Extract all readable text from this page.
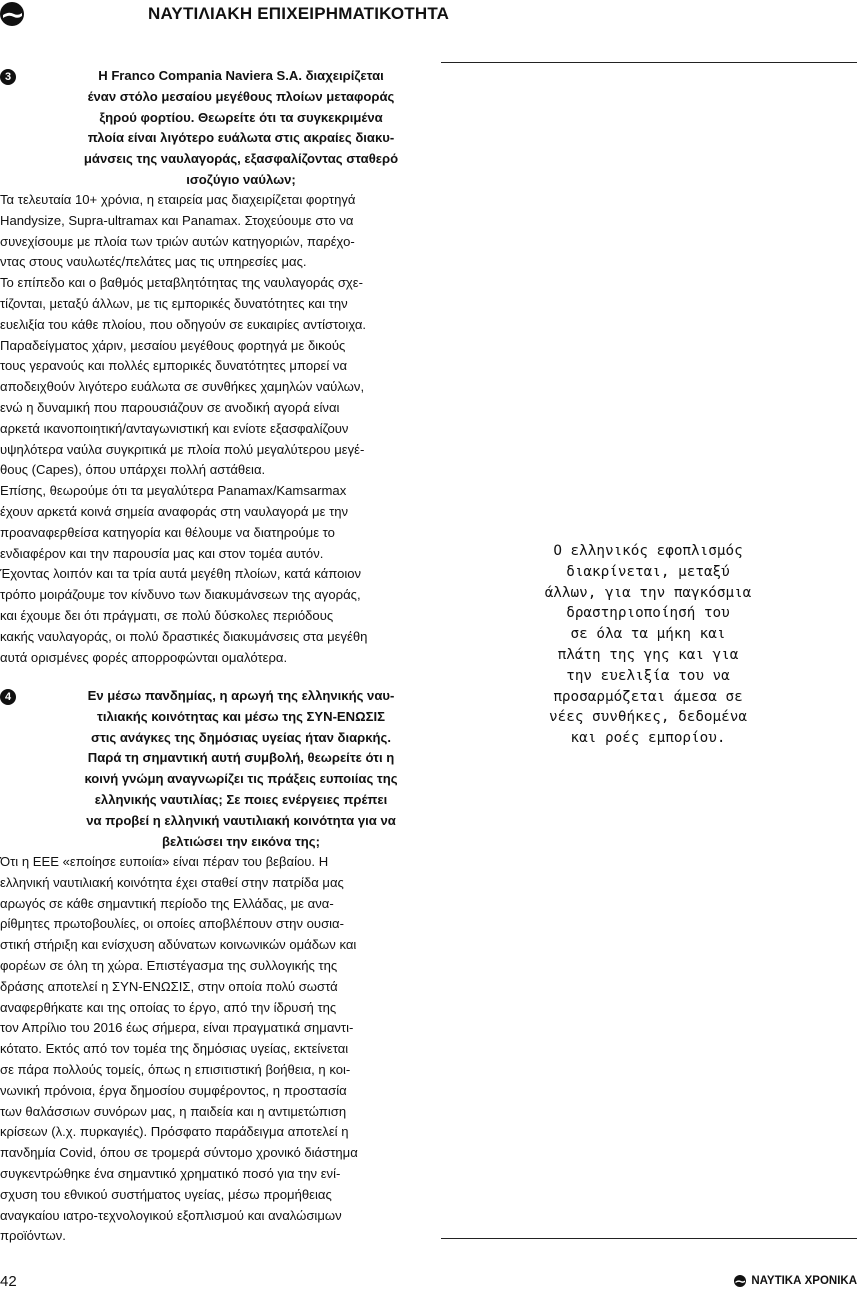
ΝΑΥΤΙΛΙΑΚΗ ΕΠΙΧΕΙΡΗΜΑΤΙΚΟΤΗΤΑ
3	Η Franco Compania Naviera S.A. διαχειρίζεται
έναν στόλο μεσαίου μεγέθους πλοίων μεταφοράς
ξηρού φορτίου. Θεωρείτε ότι τα συγκεκριμένα
πλοία είναι λιγότερο ευάλωτα στις ακραίες διακυ-
μάνσεις της ναυλαγοράς, εξασφαλίζοντας σταθερό
ισοζύγιο ναύλων;
Τα τελευταία 10+ χρόνια, η εταιρεία μας διαχειρίζεται φορτηγά
Handysize, Supra-ultramax και Panamax. Στοχεύουμε στο να
συνεχίσουμε με πλοία των τριών αυτών κατηγοριών, παρέχο-
ντας στους ναυλωτές/πελάτες μας τις υπηρεσίες μας.
Το επίπεδο και ο βαθμός μεταβλητότητας της ναυλαγοράς σχε-
τίζονται, μεταξύ άλλων, με τις εμπορικές δυνατότητες και την
ευελιξία του κάθε πλοίου, που οδηγούν σε ευκαιρίες αντίστοιχα.
Παραδείγματος χάριν, μεσαίου μεγέθους φορτηγά με δικούς
τους γερανούς και πολλές εμπορικές δυνατότητες μπορεί να
αποδειχθούν λιγότερο ευάλωτα σε συνθήκες χαμηλών ναύλων,
ενώ η δυναμική που παρουσιάζουν σε ανοδική αγορά είναι
αρκετά ικανοποιητική/ανταγωνιστική και ενίοτε εξασφαλίζουν
υψηλότερα ναύλα συγκριτικά με πλοία πολύ μεγαλύτερου μεγέ-
θους (Capes), όπου υπάρχει πολλή αστάθεια.
Επίσης, θεωρούμε ότι τα μεγαλύτερα Panamax/Kamsarmax
έχουν αρκετά κοινά σημεία αναφοράς στη ναυλαγορά με την
προαναφερθείσα κατηγορία και θέλουμε να διατηρούμε το
ενδιαφέρον και την παρουσία μας και στον τομέα αυτόν.
Έχοντας λοιπόν και τα τρία αυτά μεγέθη πλοίων, κατά κάποιον
τρόπο μοιράζουμε τον κίνδυνο των διακυμάνσεων της αγοράς,
και έχουμε δει ότι πράγματι, σε πολύ δύσκολες περιόδους
κακής ναυλαγοράς, οι πολύ δραστικές διακυμάνσεις στα μεγέθη
αυτά ορισμένες φορές απορροφώνται ομαλότερα.
4	Εν μέσω πανδημίας, η αρωγή της ελληνικής ναυ-
τιλιακής κοινότητας και μέσω της ΣΥΝ-ΕΝΩΣΙΣ
στις ανάγκες της δημόσιας υγείας ήταν διαρκής.
Παρά τη σημαντική αυτή συμβολή, θεωρείτε ότι η
κοινή γνώμη αναγνωρίζει τις πράξεις ευποιίας της
ελληνικής ναυτιλίας; Σε ποιες ενέργειες πρέπει
να προβεί η ελληνική ναυτιλιακή κοινότητα για να
βελτιώσει την εικόνα της;
Ότι η ΕΕΕ «εποίησε ευποιία» είναι πέραν του βεβαίου. Η
ελληνική ναυτιλιακή κοινότητα έχει σταθεί στην πατρίδα μας
αρωγός σε κάθε σημαντική περίοδο της Ελλάδας, με ανα-
ρίθμητες πρωτοβουλίες, οι οποίες αποβλέπουν στην ουσια-
στική στήριξη και ενίσχυση αδύνατων κοινωνικών ομάδων και
φορέων σε όλη τη χώρα. Επιστέγασμα της συλλογικής της
δράσης αποτελεί η ΣΥΝ-ΕΝΩΣΙΣ, στην οποία πολύ σωστά
αναφερθήκατε και της οποίας το έργο, από την ίδρυσή της
τον Απρίλιο του 2016 έως σήμερα, είναι πραγματικά σημαντι-
κότατο. Εκτός από τον τομέα της δημόσιας υγείας, εκτείνεται
σε πάρα πολλούς τομείς, όπως η επισιτιστική βοήθεια, η κοι-
νωνική πρόνοια, έργα δημοσίου συμφέροντος, η προστασία
των θαλάσσιων συνόρων μας, η παιδεία και η αντιμετώπιση
κρίσεων (λ.χ. πυρκαγιές). Πρόσφατο παράδειγμα αποτελεί η
πανδημία Covid, όπου σε τρομερά σύντομο χρονικό διάστημα
συγκεντρώθηκε ένα σημαντικό χρηματικό ποσό για την ενί-
σχυση του εθνικού συστήματος υγείας, μέσω προμήθειας
αναγκαίου ιατρο-τεχνολογικού εξοπλισμού και αναλώσιμων
προϊόντων.
Ο ελληνικός εφοπλισμός
διακρίνεται, μεταξύ
άλλων, για την παγκόσμια
δραστηριοποίησή του
σε όλα τα μήκη και
πλάτη της γης και για
την ευελιξία του να
προσαρμόζεται άμεσα σε
νέες συνθήκες, δεδομένα
και ροές εμπορίου.
42	ΝΑΥΤΙΚΑ ΧΡΟΝΙΚΑ
